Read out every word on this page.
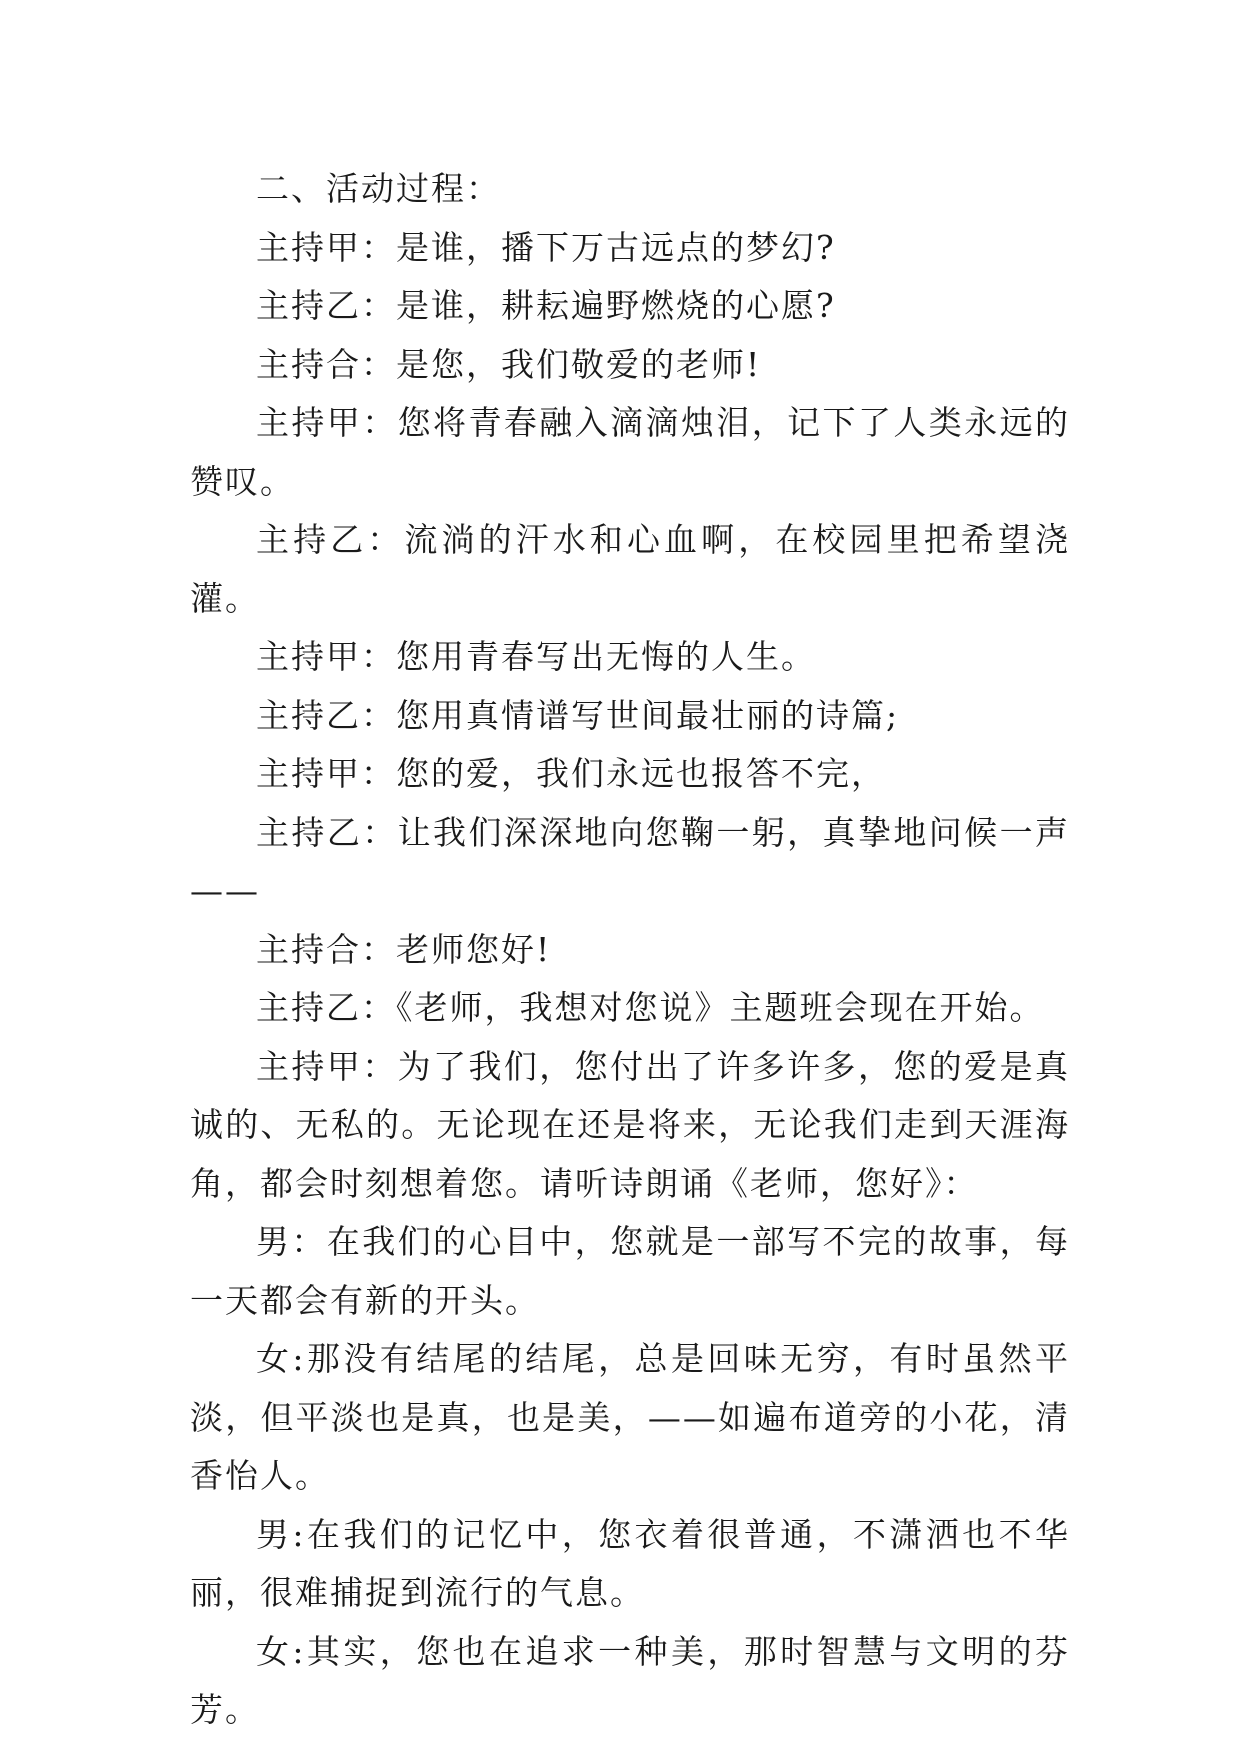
二、活动过程：

主持甲：是谁，播下万古远点的梦幻?

主持乙：是谁，耕耘遍野燃烧的心愿?

主持合：是您，我们敬爱的老师!

主持甲：您将青春融入滴滴烛泪，记下了人类永远的赞叹。

主持乙：流淌的汗水和心血啊，在校园里把希望浇灌。

主持甲：您用青春写出无悔的人生。

主持乙：您用真情谱写世间最壮丽的诗篇;

主持甲：您的爱，我们永远也报答不完，

主持乙：让我们深深地向您鞠一躬，真挚地问候一声——

主持合：老师您好!

主持乙：《老师，我想对您说》主题班会现在开始。

主持甲：为了我们，您付出了许多许多，您的爱是真诚的、无私的。无论现在还是将来，无论我们走到天涯海角，都会时刻想着您。请听诗朗诵《老师，您好》：

男：在我们的心目中，您就是一部写不完的故事，每一天都会有新的开头。

女:那没有结尾的结尾，总是回味无穷，有时虽然平淡，但平淡也是真，也是美，——如遍布道旁的小花，清香怡人。

男:在我们的记忆中，您衣着很普通，不潇洒也不华丽，很难捕捉到流行的气息。

女:其实，您也在追求一种美，那时智慧与文明的芬芳。
